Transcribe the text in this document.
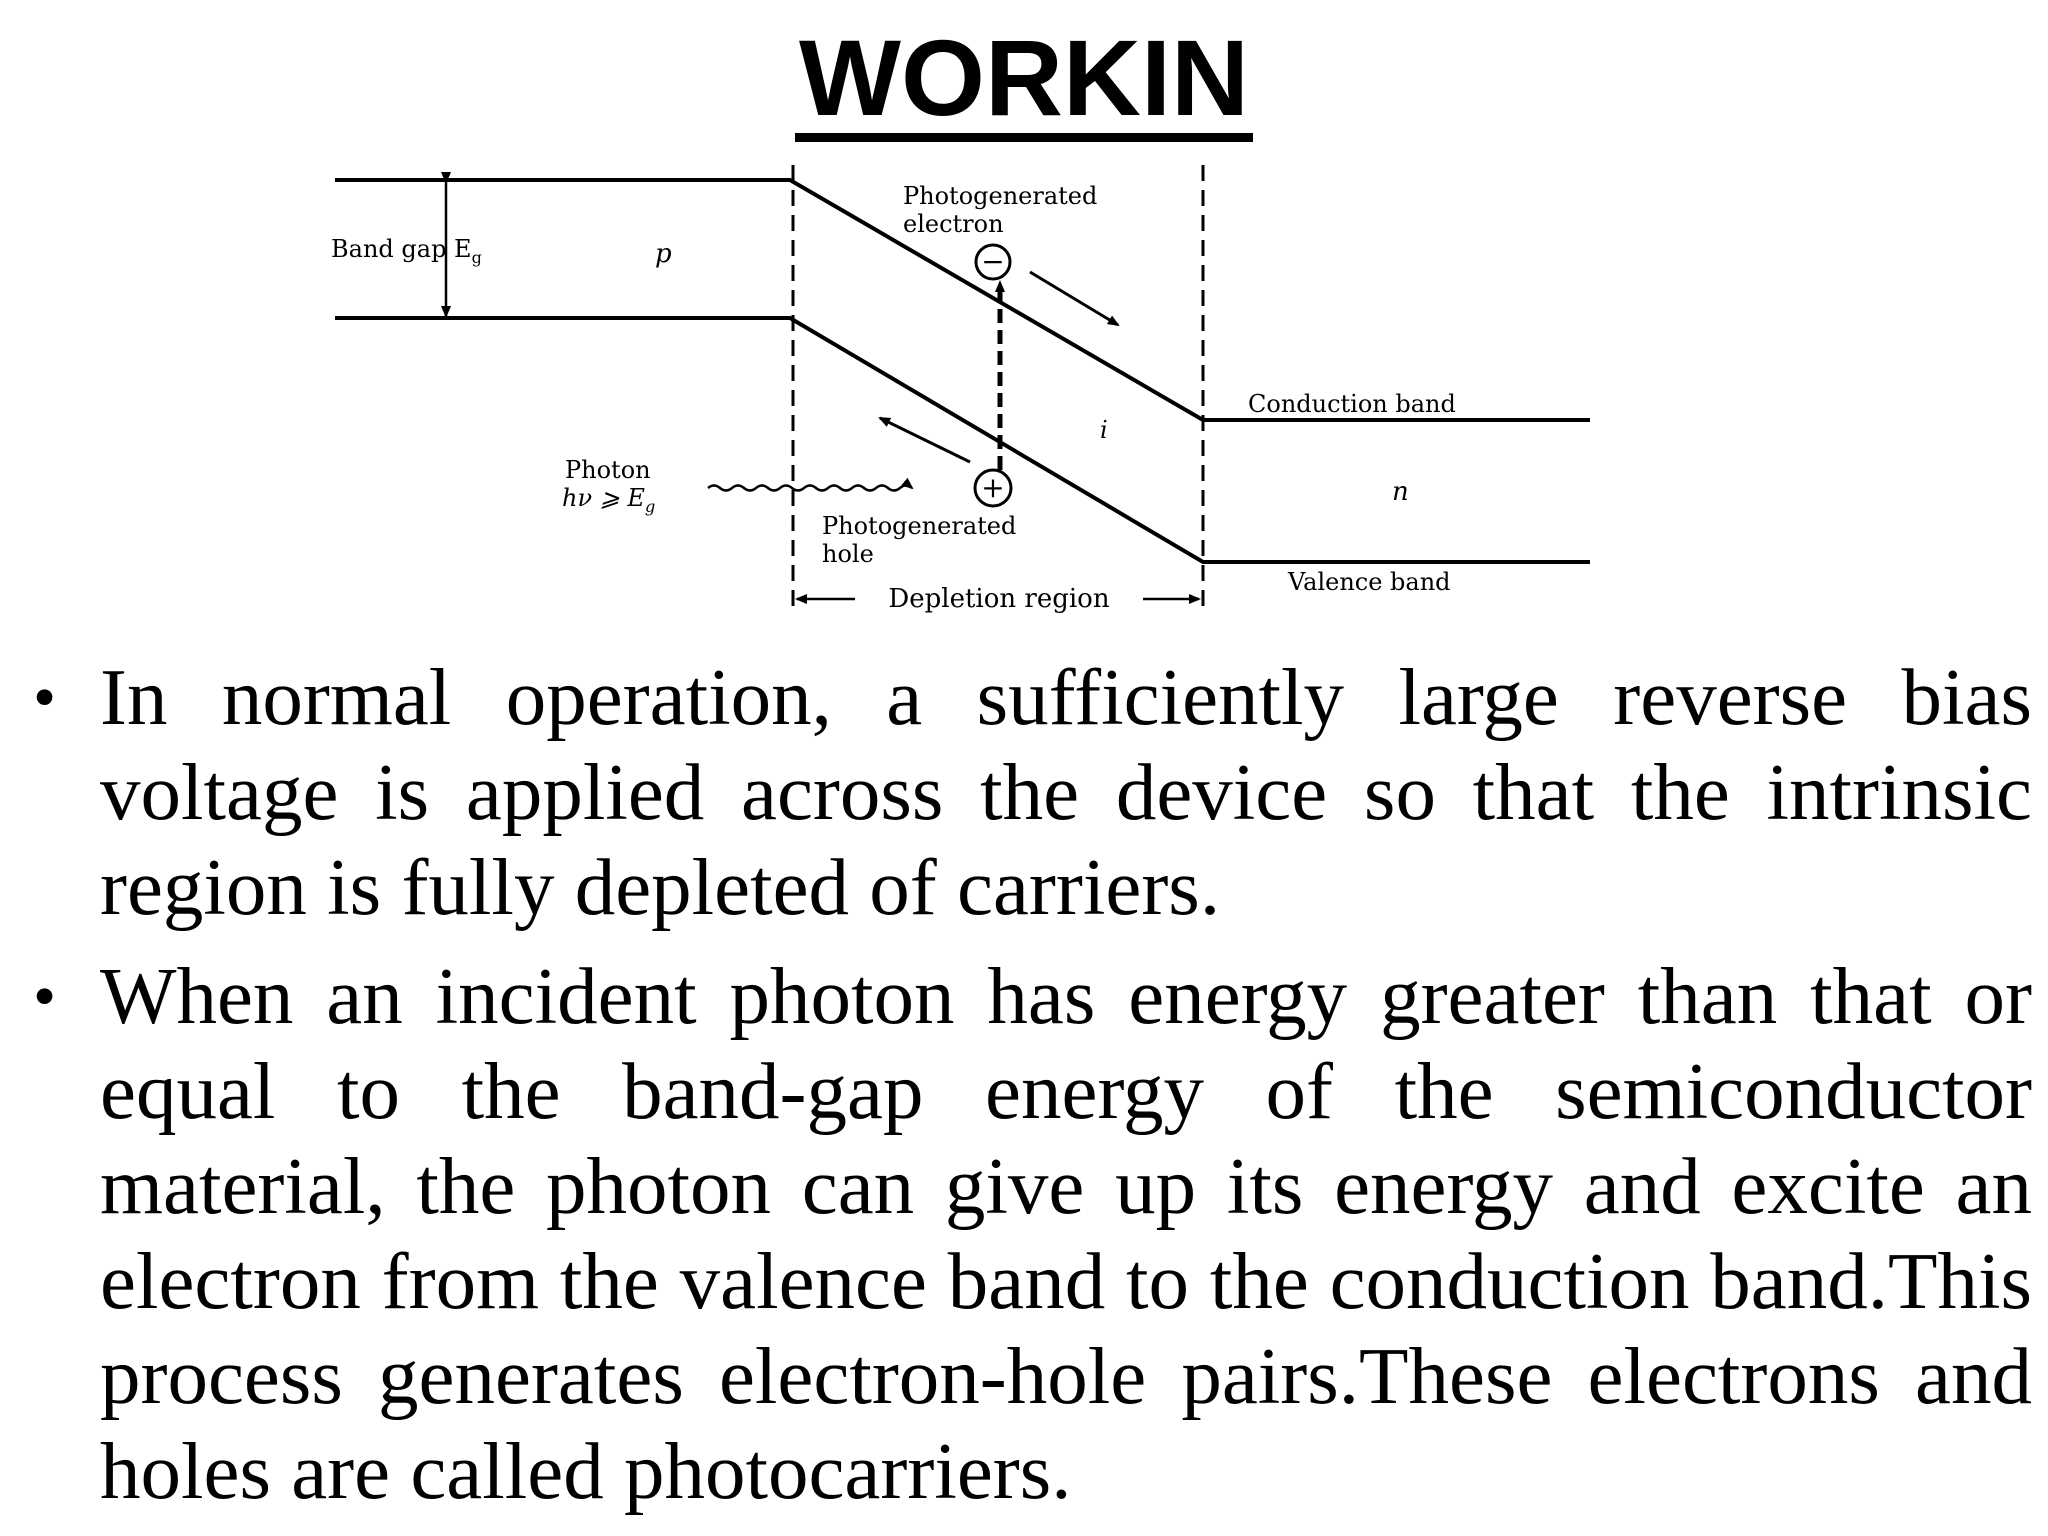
WORKIN
Band gap $E_g$	p
i
n
Photogenerated electron
−
+
Photogenerated hole
Photon
hν ⩾ $E_g$
Conduction band
Valence band
Depletion region
• In normal operation, a sufficiently large reverse bias voltage is applied across the device so that the intrinsic region is fully depleted of carriers.
• When an incident photon has energy greater than that or equal to the band-gap energy of the semiconductor material, the photon can give up its energy and excite an electron from the valence band to the conduction band.This process generates electron-hole pairs.These electrons and holes are called photocarriers.
